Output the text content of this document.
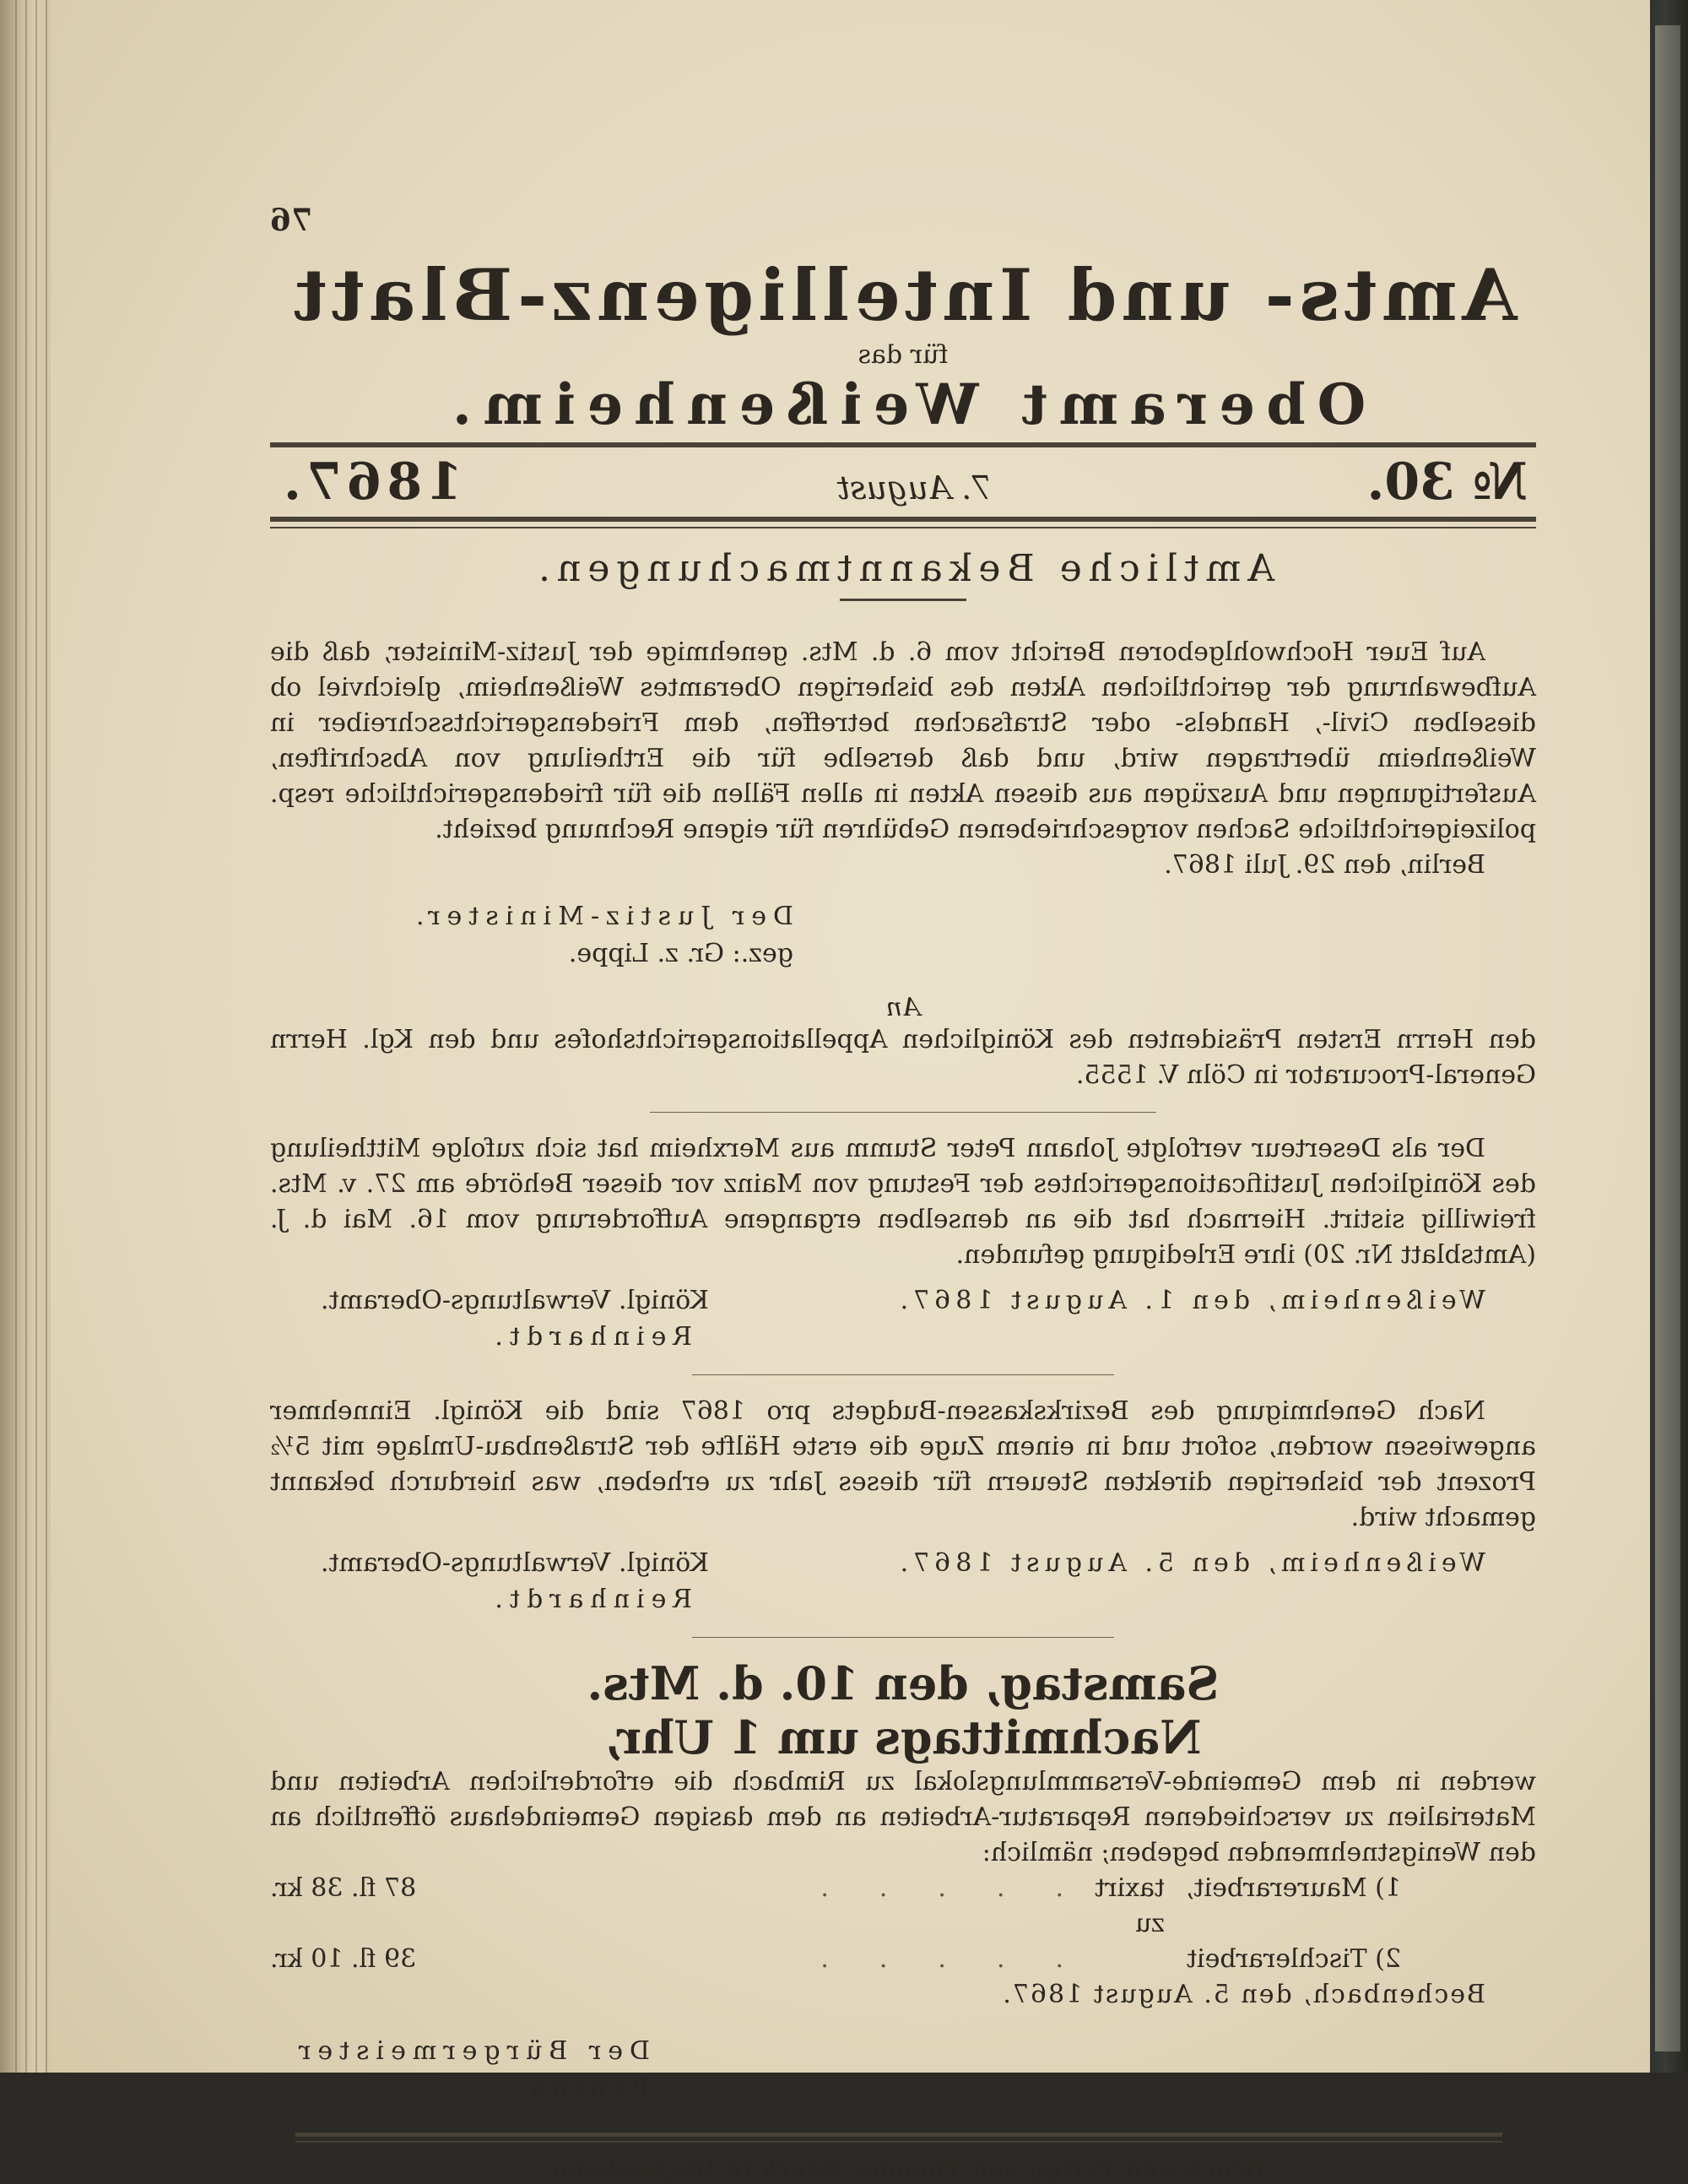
76
Amts- und Intelligenz-Blatt
für das
Oberamt Weißenheim.
№ 30.
7. August
1867.
Amtliche Bekanntmachungen.

Auf Euer Hochwohlgeboren Bericht vom 6. d. Mts. genehmige der Justiz-Minister, daß die Aufbewahrung der gerichtlichen Akten des bisherigen Oberamtes Weißenheim, gleichviel ob dieselben Civil-, Handels- oder Strafsachen betreffen, dem Friedensgerichtsschreiber in Weißenheim übertragen wird, und daß derselbe für die Ertheilung von Abschriften, Ausfertigungen und Auszügen aus diesen Akten in allen Fällen die für friedensgerichtliche resp. polizeigerichtliche Sachen vorgeschriebenen Gebühren für eigene Rechnung bezieht.

Berlin, den 29. Juli 1867.

Der Justiz-Minister.
gez.: Gr. z. Lippe.
An

den Herrn Ersten Präsidenten des Königlichen Appellationsgerichtshofes und den Kgl. Herrn General-Procurator in Cöln V. 1555.

Der als Deserteur verfolgte Johann Peter Stumm aus Merxheim hat sich zufolge Mittheilung des Königlichen Justificationsgerichtes der Festung von Mainz vor dieser Behörde am 27. v. Mts. freiwillig sistirt. Hiernach hat die an denselben ergangene Aufforderung vom 16. Mai d. J. (Amtsblatt Nr. 20) ihre Erledigung gefunden.

Weißenheim, den 1. August 1867.
Königl. Verwaltungs-Oberamt.
Reinhardt.

Nach Genehmigung des Bezirkskassen-Budgets pro 1867 sind die Königl. Einnehmer angewiesen worden, sofort und in einem Zuge die erste Hälfte der Straßenbau-Umlage mit 5½ Prozent der bisherigen direkten Steuern für dieses Jahr zu erheben, was hierdurch bekannt gemacht wird.

Weißenheim, den 5. August 1867.
Königl. Verwaltungs-Oberamt.
Reinhardt.
Samstag, den 10. d. Mts.
Nachmittags um 1 Uhr,

werden in dem Gemeinde-Versammlungslokal zu Rimbach die erforderlichen Arbeiten und Materialien zu verschiedenen Reparatur-Arbeiten an dem dasigen Gemeindehaus öffentlich an den Wenigstnehmenden begeben; nämlich:

1) Maurerarbeit,
taxirt zu
.....
87 fl. 38 kr.
2) Tischlerarbeit
.....
39 fl. 10 kr.

Bechenbach, den 5. August 1867.

Der Bürgermeister
Paulus.
Druck und Verlag von Theodor Kauth in Weißenheim.
